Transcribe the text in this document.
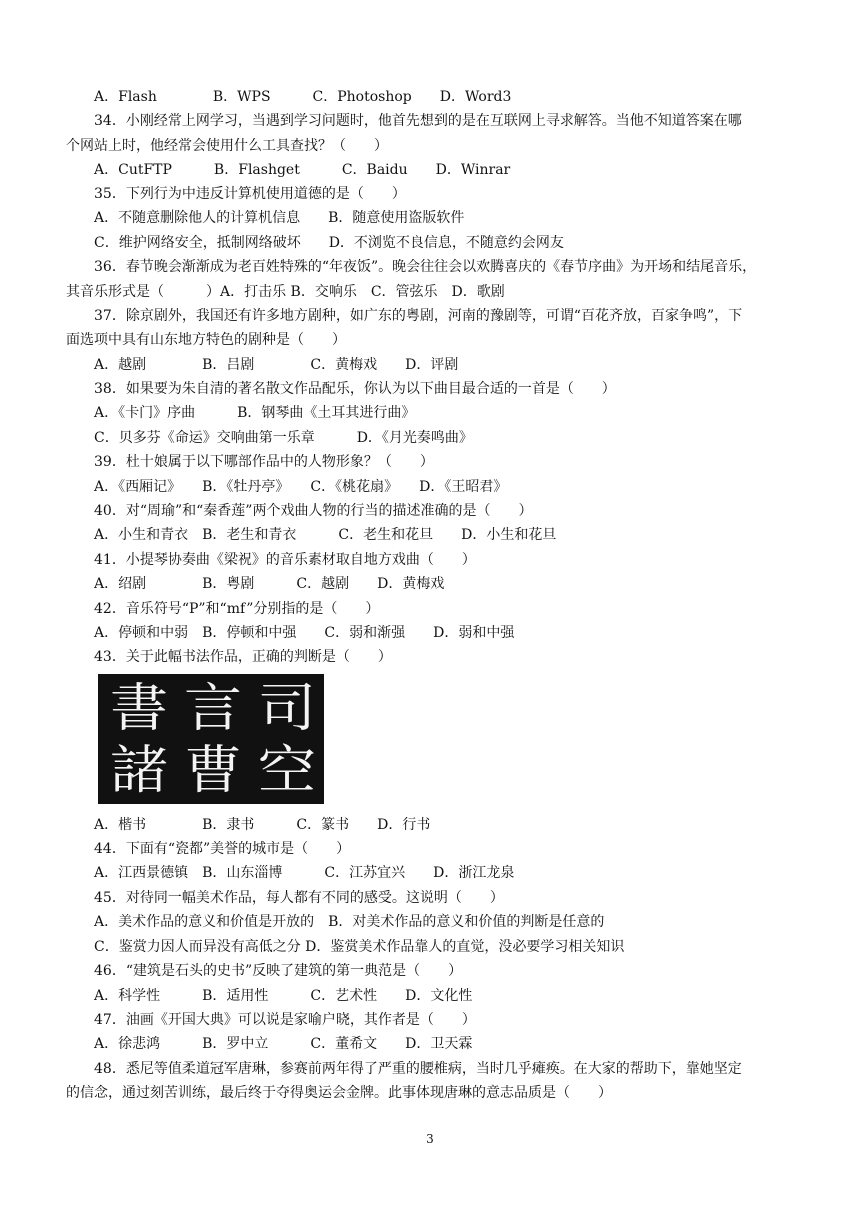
A．Flash　　　　B．WPS　　　C．Photoshop　　D．Word3
34．小刚经常上网学习，当遇到学习问题时，他首先想到的是在互联网上寻求解答。当他不知道答案在哪
个网站上时，他经常会使用什么工具查找？（　　）
A．CutFTP　　　B．Flashget　　　C．Baidu　　D．Winrar
35．下列行为中违反计算机使用道德的是（　　）
A．不随意删除他人的计算机信息　　B．随意使用盗版软件
C．维护网络安全，抵制网络破坏　　D．不浏览不良信息，不随意约会网友
36．春节晚会渐渐成为老百姓特殊的“年夜饭”。晚会往往会以欢腾喜庆的《春节序曲》为开场和结尾音乐，
其音乐形式是（　　　）A．打击乐 B．交响乐　C．管弦乐　D．歌剧
37．除京剧外，我国还有许多地方剧种，如广东的粤剧，河南的豫剧等，可谓“百花齐放，百家争鸣”，下
面选项中具有山东地方特色的剧种是（　　）
A．越剧　　　　B．吕剧　　　　C．黄梅戏　　D．评剧
38．如果要为朱自清的著名散文作品配乐，你认为以下曲目最合适的一首是（　　）
A．《卡门》序曲　　　B．钢琴曲《土耳其进行曲》
C．贝多芬《命运》交响曲第一乐章　　　D．《月光奏鸣曲》
39．杜十娘属于以下哪部作品中的人物形象？（　　）
A．《西厢记》　　B．《牡丹亭》　　C．《桃花扇》　　D．《王昭君》
40．对“周瑜”和“秦香莲”两个戏曲人物的行当的描述准确的是（　　）
A．小生和青衣　B．老生和青衣　　　C．老生和花旦　　D．小生和花旦
41．小提琴协奏曲《梁祝》的音乐素材取自地方戏曲（　　）
A．绍剧　　　　B．粤剧　　　C．越剧　　D．黄梅戏
42．音乐符号“P”和“mf”分别指的是（　　）
A．停顿和中弱　B．停顿和中强　　C．弱和渐强　　D．弱和中强
43．关于此幅书法作品，正确的判断是（　　）
司
言
書
空
曹
諸
A．楷书　　　　B．隶书　　　C．篆书　　D．行书
44．下面有“瓷都”美誉的城市是（　　）
A．江西景德镇　B．山东淄博　　　C．江苏宜兴　　D．浙江龙泉
45．对待同一幅美术作品，每人都有不同的感受。这说明（　　）
A．美术作品的意义和价值是开放的　B．对美术作品的意义和价值的判断是任意的
C．鉴赏力因人而异没有高低之分 D．鉴赏美术作品靠人的直觉，没必要学习相关知识
46．“建筑是石头的史书”反映了建筑的第一典范是（　　）
A．科学性　　　B．适用性　　　C．艺术性　　D．文化性
47．油画《开国大典》可以说是家喻户晓，其作者是（　　）
A．徐悲鸿　　　B．罗中立　　　C．董希文　　D．卫天霖
48．悉尼等值柔道冠军唐琳，参赛前两年得了严重的腰椎病，当时几乎瘫痪。在大家的帮助下，靠她坚定
的信念，通过刻苦训练，最后终于夺得奥运会金牌。此事体现唐琳的意志品质是（　　）
3
